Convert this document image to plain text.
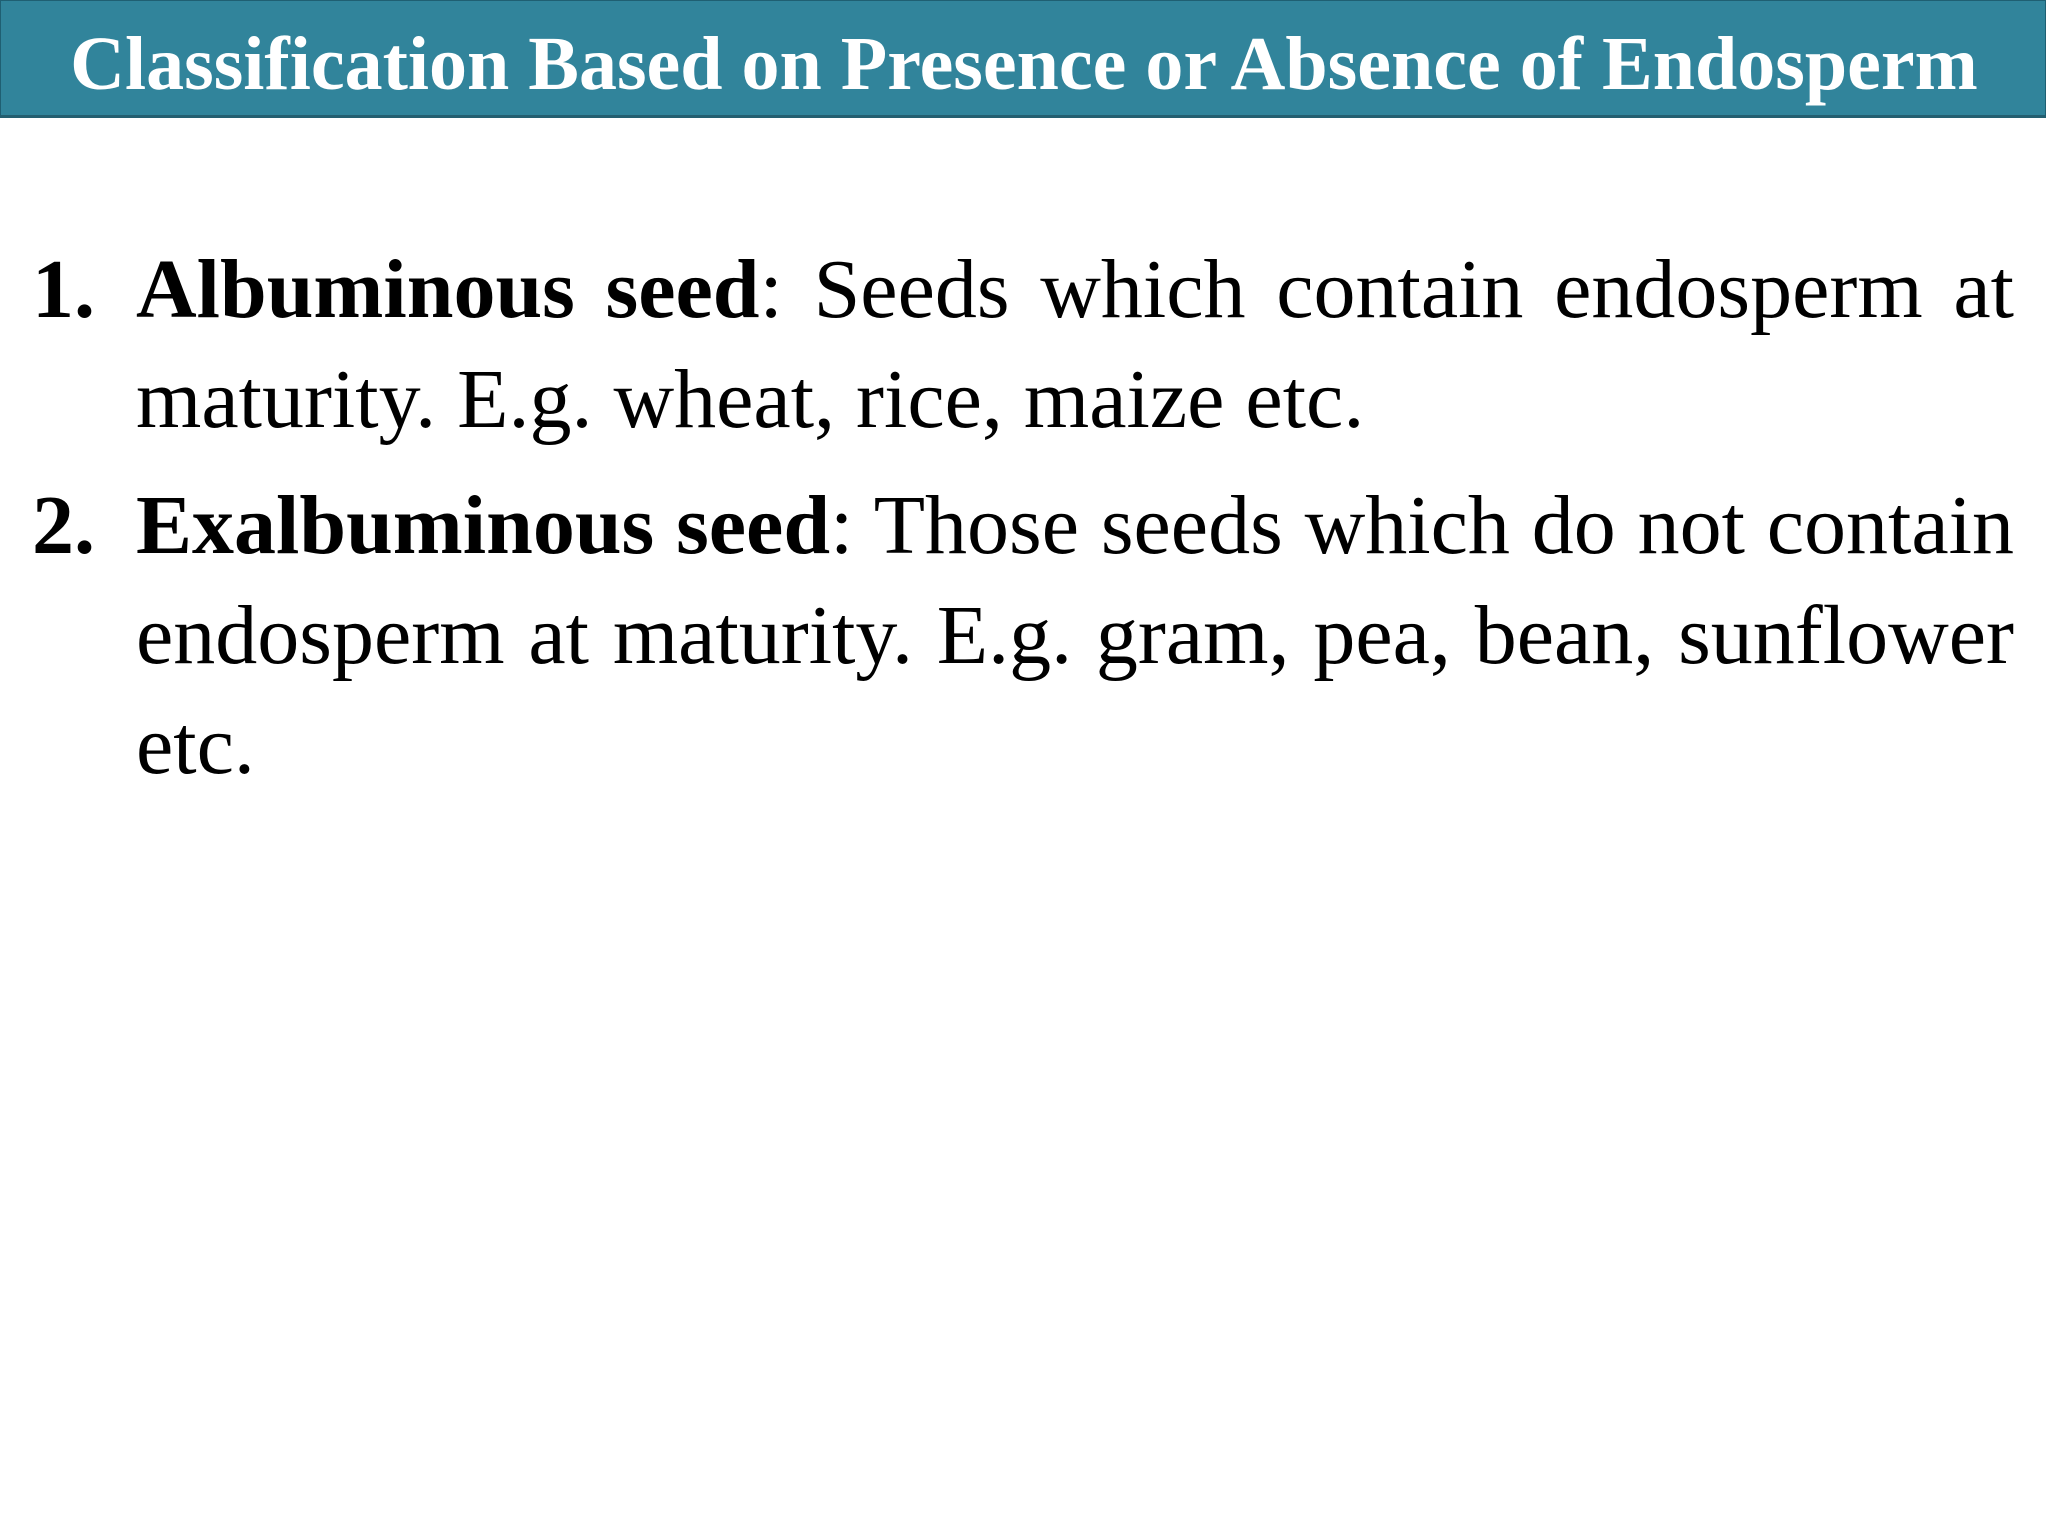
Classification Based on Presence or Absence of Endosperm
1. Albuminous seed: Seeds which contain endosperm at maturity. E.g. wheat, rice, maize etc.
2. Exalbuminous seed: Those seeds which do not contain endosperm at maturity. E.g. gram, pea, bean, sunflower etc.
